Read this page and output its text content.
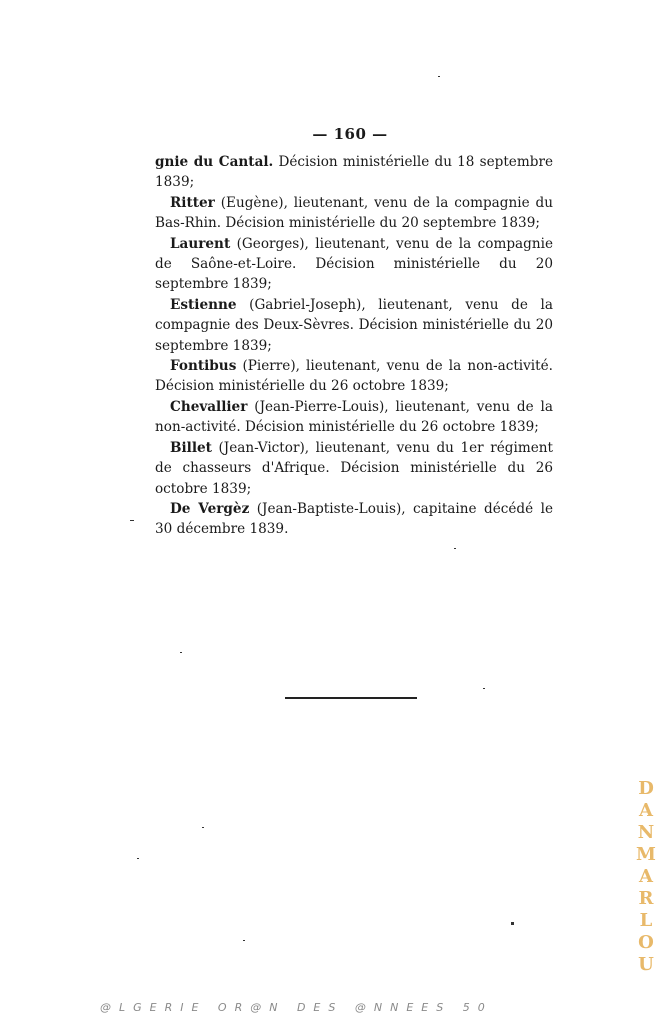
— 160 —

gnie du Cantal. Décision ministérielle du 18 septembre 1839;

Ritter (Eugène), lieutenant, venu de la compagnie du Bas-Rhin. Décision ministérielle du 20 septembre 1839;

Laurent (Georges), lieutenant, venu de la compagnie de Saône-et-Loire. Décision ministérielle du 20 septembre 1839;

Estienne (Gabriel-Joseph), lieutenant, venu de la compagnie des Deux-Sèvres. Décision ministérielle du 20 septembre 1839;

Fontibus (Pierre), lieutenant, venu de la non-activité. Décision ministérielle du 26 octobre 1839;

Chevallier (Jean-Pierre-Louis), lieutenant, venu de la non-activité. Décision ministérielle du 26 octobre 1839;

Billet (Jean-Victor), lieutenant, venu du 1er régiment de chasseurs d'Afrique. Décision ministérielle du 26 octobre 1839;

De Vergèz (Jean-Baptiste-Louis), capitaine décédé le 30 décembre 1839.

DANMARLOU
@LGERIE OR@N DES @NNEES 50
